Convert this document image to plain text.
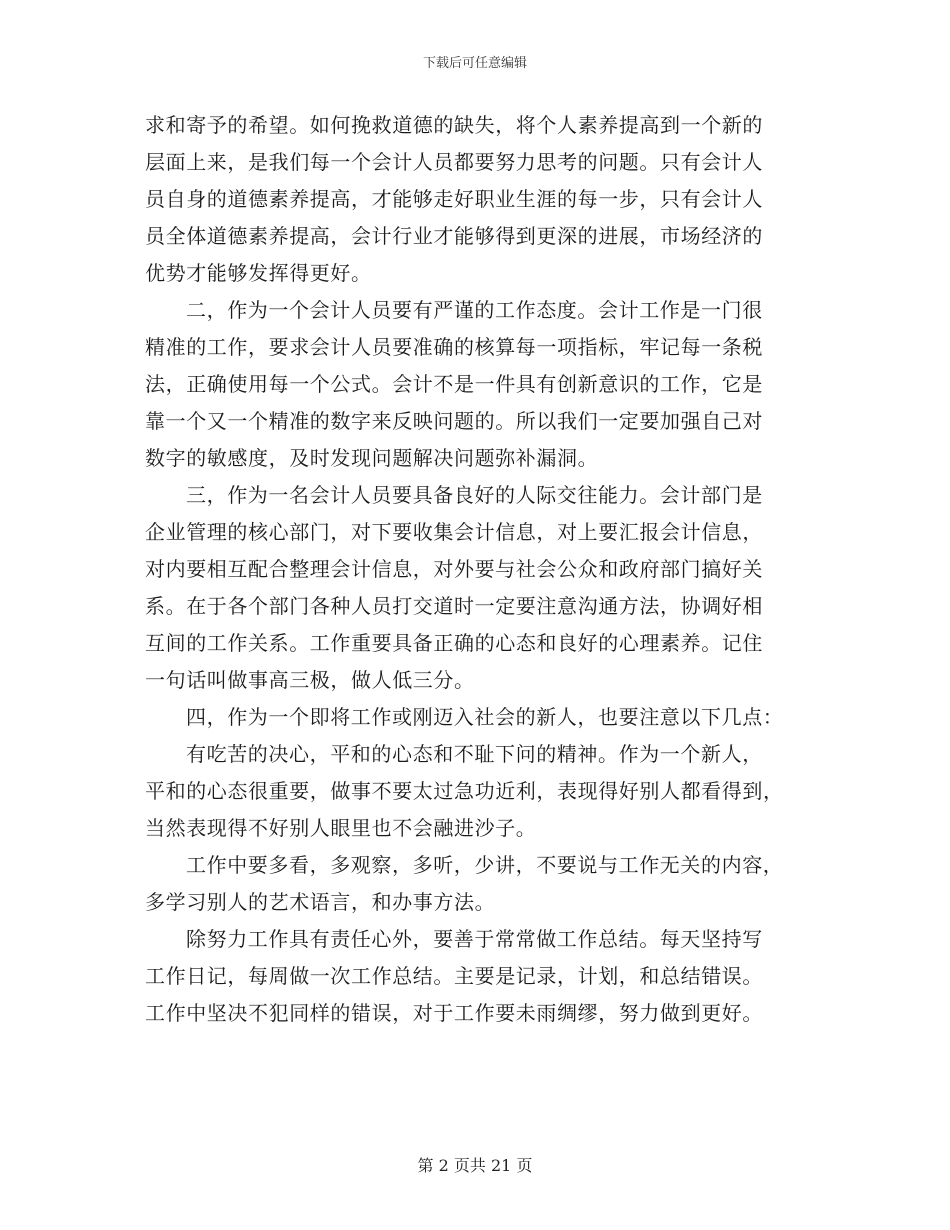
下载后可任意编辑
求和寄予的希望。如何挽救道德的缺失，将个人素养提高到一个新的
层面上来，是我们每一个会计人员都要努力思考的问题。只有会计人
员自身的道德素养提高，才能够走好职业生涯的每一步，只有会计人
员全体道德素养提高，会计行业才能够得到更深的进展，市场经济的
优势才能够发挥得更好。
二，作为一个会计人员要有严谨的工作态度。会计工作是一门很
精准的工作，要求会计人员要准确的核算每一项指标，牢记每一条税
法，正确使用每一个公式。会计不是一件具有创新意识的工作，它是
靠一个又一个精准的数字来反映问题的。所以我们一定要加强自己对
数字的敏感度，及时发现问题解决问题弥补漏洞。
三，作为一名会计人员要具备良好的人际交往能力。会计部门是
企业管理的核心部门，对下要收集会计信息，对上要汇报会计信息，
对内要相互配合整理会计信息，对外要与社会公众和政府部门搞好关
系。在于各个部门各种人员打交道时一定要注意沟通方法，协调好相
互间的工作关系。工作重要具备正确的心态和良好的心理素养。记住
一句话叫做事高三极，做人低三分。
四，作为一个即将工作或刚迈入社会的新人，也要注意以下几点：
有吃苦的决心，平和的心态和不耻下问的精神。作为一个新人，
平和的心态很重要，做事不要太过急功近利，表现得好别人都看得到，
当然表现得不好别人眼里也不会融进沙子。
工作中要多看，多观察，多听，少讲，不要说与工作无关的内容，
多学习别人的艺术语言，和办事方法。
除努力工作具有责任心外，要善于常常做工作总结。每天坚持写
工作日记，每周做一次工作总结。主要是记录，计划，和总结错误。
工作中坚决不犯同样的错误，对于工作要未雨绸缪，努力做到更好。
第 2 页共 21 页
